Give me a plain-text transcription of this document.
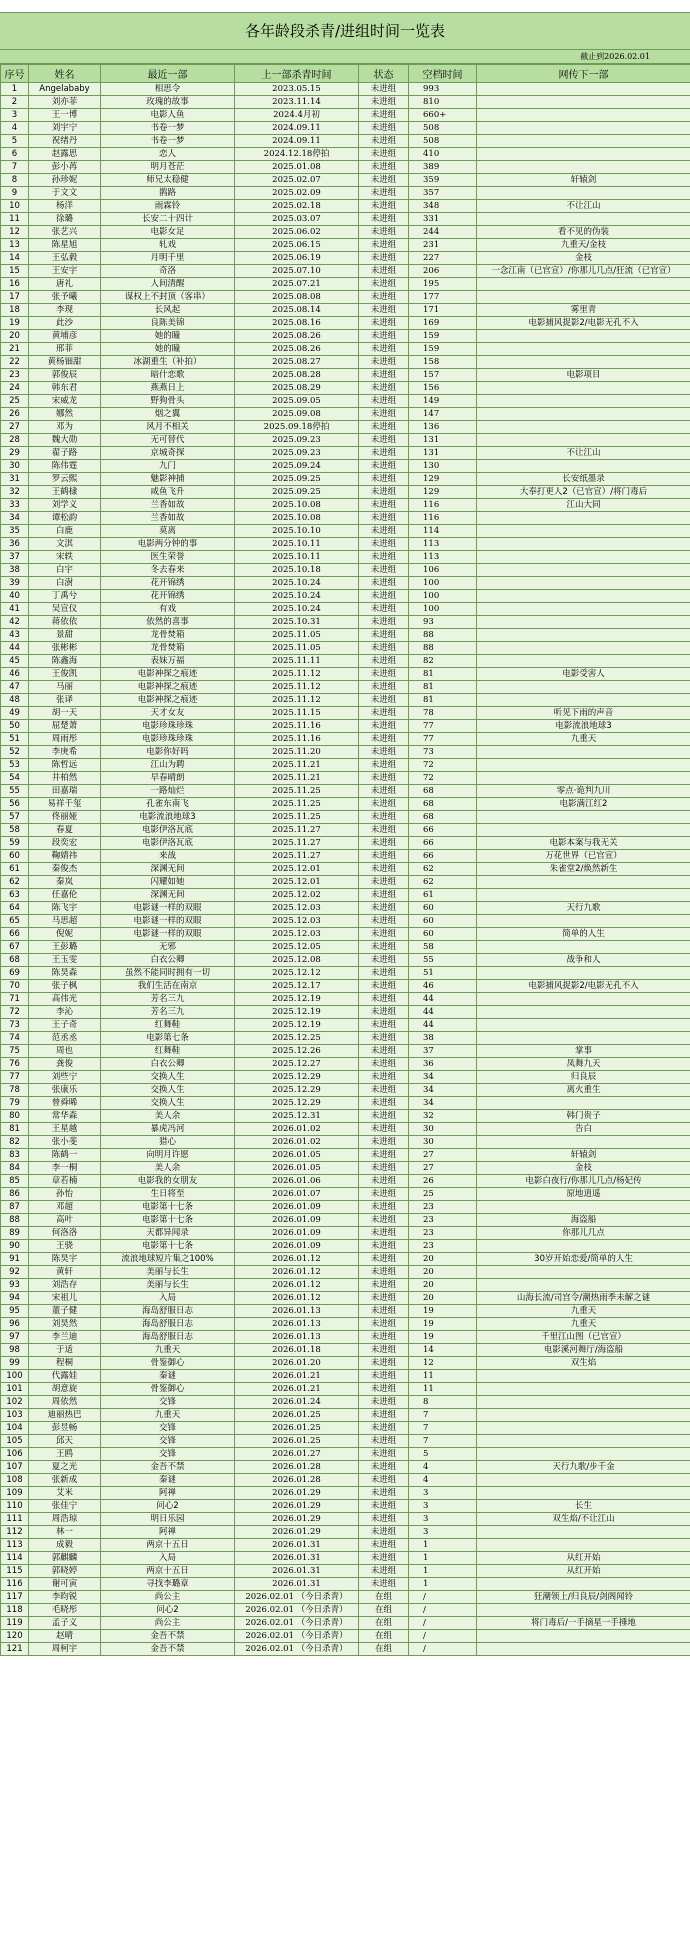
各年龄段杀青/进组时间一览表
截止到2026.02.01
序号	姓名	最近一部	上一部杀青时间	状态	空档时间	网传下一部
1	Angelababy	相思令	2023.05.15	未进组	993	
2	刘亦菲	玫瑰的故事	2023.11.14	未进组	810	
3	王一博	电影人鱼	2024.4月初	未进组	660+	
4	刘宇宁	书卷一梦	2024.09.11	未进组	508	
5	祝绪丹	书卷一梦	2024.09.11	未进组	508	
6	赵露思	恋人	2024.12.18停拍	未进组	410	
7	彭小苒	明月苍茫	2025.01.08	未进组	389	
8	孙珍妮	师兄太稳健	2025.02.07	未进组	359	轩辕剑
9	于文文	鹊路	2025.02.09	未进组	357	
10	杨洋	雨霖铃	2025.02.18	未进组	348	不让江山
11	徐璐	长安二十四计	2025.03.07	未进组	331	
12	张艺兴	电影女足	2025.06.02	未进组	244	看不见的伪装
13	陈星旭	轧戏	2025.06.15	未进组	231	九重天/金枝
14	王弘毅	月明千里	2025.06.19	未进组	227	金枝
15	王安宇	奇洛	2025.07.10	未进组	206	一念江南（已官宣）/你那儿几点/狂流（已官宣）
16	唐礼	人间清醒	2025.07.21	未进组	195	
17	张予曦	谋权上不封顶（客串）	2025.08.08	未进组	177	
18	李现	长风起	2025.08.14	未进组	171	雾里青
19	此沙	良陈美锦	2025.08.16	未进组	169	电影捕风捉影2/电影无孔不入
20	黄埔彦	她的瞳	2025.08.26	未进组	159	
21	邢菲	她的瞳	2025.08.26	未进组	159	
22	黄杨钿甜	冰湖重生（补拍）	2025.08.27	未进组	158	
23	郭俊辰	暗什恋歌	2025.08.28	未进组	157	电影项目
24	韩东君	燕燕日上	2025.08.29	未进组	156	
25	宋威龙	野狗骨头	2025.09.05	未进组	149	
26	娜然	烟之翼	2025.09.08	未进组	147	
27	邓为	风月不相关	2025.09.18停拍	未进组	136	
28	魏大勋	无可替代	2025.09.23	未进组	131	
29	翟子路	京城奇探	2025.09.23	未进组	131	不让江山
30	陈伟霆	九门	2025.09.24	未进组	130	
31	罗云熙	魅影神捕	2025.09.25	未进组	129	长安纸墨录
32	王鹤棣	咸鱼飞升	2025.09.25	未进组	129	大奉打更人2（已官宣）/将门毒后
33	刘学义	兰香如故	2025.10.08	未进组	116	江山大同
34	谭松韵	兰香如故	2025.10.08	未进组	116	
35	白鹿	莫离	2025.10.10	未进组	114	
36	文淇	电影两分钟的事	2025.10.11	未进组	113	
37	宋轶	医生荣誉	2025.10.11	未进组	113	
38	白宇	冬去春来	2025.10.18	未进组	106	
39	白澍	花开锦绣	2025.10.24	未进组	100	
40	丁禹兮	花开锦绣	2025.10.24	未进组	100	
41	吴宣仪	有戏	2025.10.24	未进组	100	
42	蒋依依	依然的喜事	2025.10.31	未进组	93	
43	景甜	龙骨焚箱	2025.11.05	未进组	88	
44	张彬彬	龙骨焚箱	2025.11.05	未进组	88	
45	陈鑫海	表妹万福	2025.11.11	未进组	82	
46	王俊凯	电影神探之痕迹	2025.11.12	未进组	81	电影受害人
47	马丽	电影神探之痕迹	2025.11.12	未进组	81	
48	张译	电影神探之痕迹	2025.11.12	未进组	81	
49	胡一天	天才女友	2025.11.15	未进组	78	听见下雨的声音
50	屈楚萧	电影珍珠珍珠	2025.11.16	未进组	77	电影流浪地球3
51	周雨彤	电影珍珠珍珠	2025.11.16	未进组	77	九重天
52	李庚希	电影你好吗	2025.11.20	未进组	73	
53	陈哲远	江山为聘	2025.11.21	未进组	72	
54	井柏然	早春晴朗	2025.11.21	未进组	72	
55	田嘉瑞	一路灿烂	2025.11.25	未进组	68	零点·诡判九川
56	易祥千玺	孔雀东南飞	2025.11.25	未进组	68	电影满江红2
57	佟丽娅	电影流浪地球3	2025.11.25	未进组	68	
58	春夏	电影伊洛瓦底	2025.11.27	未进组	66	
59	段奕宏	电影伊洛瓦底	2025.11.27	未进组	66	电影本案与我无关
60	鞠婧祎	来战	2025.11.27	未进组	66	万花世界（已官宣）
61	秦俊杰	深渊无间	2025.12.01	未进组	62	朱雀堂2/焕然新生
62	秦岚	闪耀如她	2025.12.01	未进组	62	
63	任嘉伦	深渊无间	2025.12.02	未进组	61	
64	陈飞宇	电影谜一样的双眼	2025.12.03	未进组	60	天行九歌
65	马思超	电影谜一样的双眼	2025.12.03	未进组	60	
66	倪妮	电影谜一样的双眼	2025.12.03	未进组	60	简单的人生
67	王彭璐	无邪	2025.12.05	未进组	58	
68	王玉雯	白衣公卿	2025.12.08	未进组	55	战争和人
69	陈昊森	虽然不能同时拥有一切	2025.12.12	未进组	51	
70	张子枫	我们生活在南京	2025.12.17	未进组	46	电影捕风捉影2/电影无孔不入
71	高伟光	芳名三九	2025.12.19	未进组	44	
72	李沁	芳名三九	2025.12.19	未进组	44	
73	王子奇	红舞鞋	2025.12.19	未进组	44	
74	范丞丞	电影第七条	2025.12.25	未进组	38	
75	周也	红舞鞋	2025.12.26	未进组	37	掌事
76	龚俊	白衣公卿	2025.12.27	未进组	36	凤舞九天
77	刘些宁	交换人生	2025.12.29	未进组	34	归良辰
78	张康乐	交换人生	2025.12.29	未进组	34	离火重生
79	曾舜晞	交换人生	2025.12.29	未进组	34	
80	常华森	美人余	2025.12.31	未进组	32	韩门贵子
81	王星越	暴虎冯河	2026.01.02	未进组	30	告白
82	张小斐	猎心	2026.01.02	未进组	30	
83	陈鹤一	向明月许愿	2026.01.05	未进组	27	轩辕剑
84	李一桐	美人余	2026.01.05	未进组	27	金枝
85	章若楠	电影我的女朋友	2026.01.06	未进组	26	电影白夜行/你那儿几点/杨妃传
86	孙怡	生日将至	2026.01.07	未进组	25	原地逍遥
87	邓超	电影第十七条	2026.01.09	未进组	23	
88	高叶	电影第十七条	2026.01.09	未进组	23	海盗船
89	何洛洛	天都异闻录	2026.01.09	未进组	23	你那儿几点
90	王骁	电影第十七条	2026.01.09	未进组	23	
91	陈昊宇	流浪地球短片集之100%	2026.01.12	未进组	20	30岁开始恋爱/简单的人生
92	黄轩	美丽与长生	2026.01.12	未进组	20	
93	刘浩存	美丽与长生	2026.01.12	未进组	20	
94	宋祖儿	入局	2026.01.12	未进组	20	山海长流/司宫令/潮热雨季未解之谜
95	董子健	海岛舒服日志	2026.01.13	未进组	19	九重天
96	刘昊然	海岛舒服日志	2026.01.13	未进组	19	九重天
97	李兰迪	海岛舒服日志	2026.01.13	未进组	19	千里江山图（已官宣）
98	于适	九重天	2026.01.18	未进组	14	电影溪河舞厅/海盗船
99	程桐	骨鉴御心	2026.01.20	未进组	12	双生焰
100	代露娃	秦谜	2026.01.21	未进组	11	
101	胡意旋	骨鉴御心	2026.01.21	未进组	11	
102	周依然	交锋	2026.01.24	未进组	8	
103	迪丽热巴	九重天	2026.01.25	未进组	7	
104	彭昱畅	交锋	2026.01.25	未进组	7	
105	邱天	交锋	2026.01.25	未进组	7	
106	王鸥	交锋	2026.01.27	未进组	5	
107	夏之光	金吾不禁	2026.01.28	未进组	4	天行九歌/步千金
108	张新成	秦谜	2026.01.28	未进组	4	
109	艾米	阿禅	2026.01.29	未进组	3	
110	张佳宁	问心2	2026.01.29	未进组	3	长生
111	周浩琼	明日乐园	2026.01.29	未进组	3	双生焰/不让江山
112	林一	阿禅	2026.01.29	未进组	3	
113	成毅	两京十五日	2026.01.31	未进组	1	
114	郭麒麟	入局	2026.01.31	未进组	1	从红开始
115	郭晓婷	两京十五日	2026.01.31	未进组	1	从红开始
116	谢可寅	寻找李璐章	2026.01.31	未进组	1	
117	李昀锐	尚公主	2026.02.01 （今日杀青）	在组	/	狂潮领上/归良辰/剑阁闻铃
118	毛晓彤	问心2	2026.02.01 （今日杀青）	在组	/	
119	孟子义	尚公主	2026.02.01 （今日杀青）	在组	/	将门毒后/一手摘星一手捶地
120	赵晴	金吾不禁	2026.02.01 （今日杀青）	在组	/	
121	周柯宇	金吾不禁	2026.02.01 （今日杀青）	在组	/	
